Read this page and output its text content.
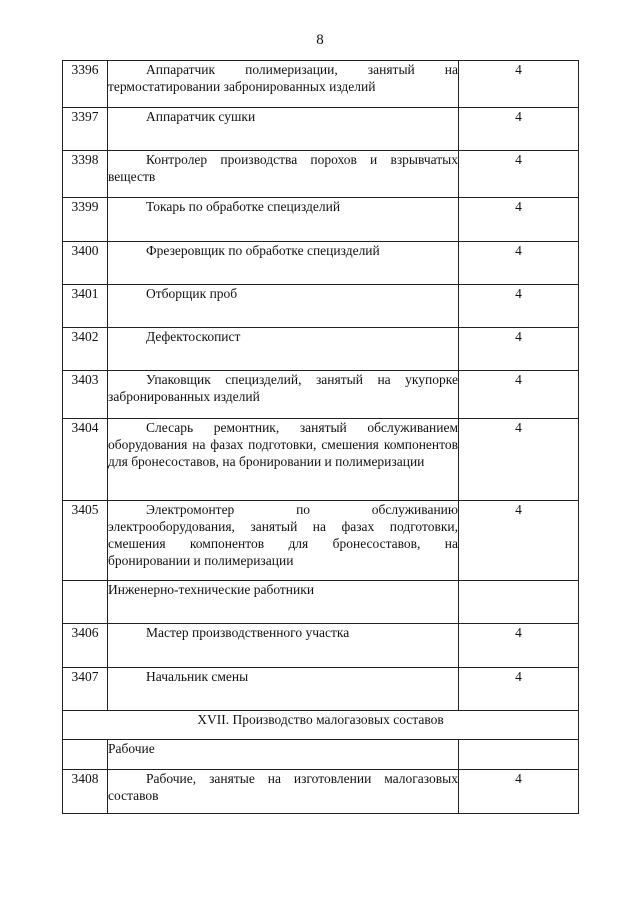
8
3396	Аппаратчик полимеризации, занятый на термостатировании забронированных изделий	4
3397	Аппаратчик сушки	4
3398	Контролер производства порохов и взрывчатых веществ	4
3399	Токарь по обработке специзделий	4
3400	Фрезеровщик по обработке специзделий	4
3401	Отборщик проб	4
3402	Дефектоскопист	4
3403	Упаковщик специзделий, занятый на укупорке забронированных изделий	4
3404	Слесарь ремонтник, занятый обслуживанием оборудования на фазах подготовки, смешения компонентов для бронесоставов, на бронировании и полимеризации	4
3405	Электромонтер по обслуживанию электрооборудования, занятый на фазах подготовки, смешения компонентов для бронесоставов, на бронировании и полимеризации	4
	Инженерно-технические работники	
3406	Мастер производственного участка	4
3407	Начальник смены	4
XVII. Производство малогазовых составов		
	Рабочие	
3408	Рабочие, занятые на изготовлении малогазовых составов	4
